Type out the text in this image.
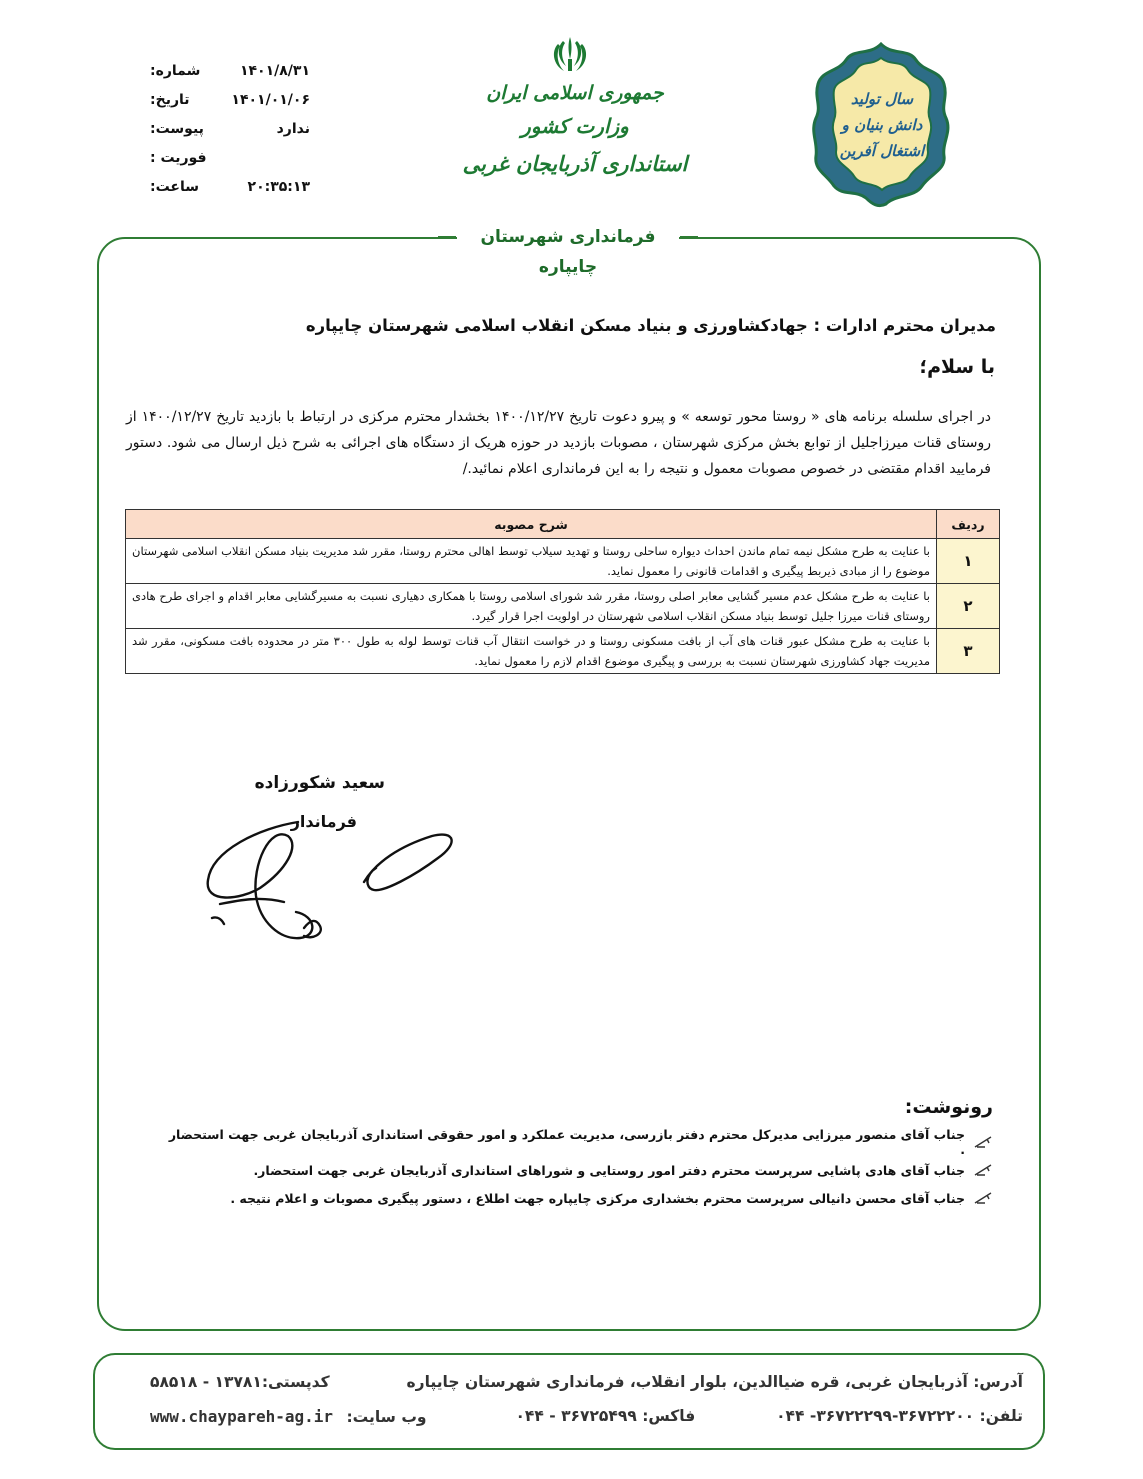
شماره:	۱۴۰۱/۸/۳۱
تاریخ:	۱۴۰۱/۰۱/۰۶
پیوست:	ندارد
فوریت :
ساعت:	۲۰:۳۵:۱۳
جمهوری اسلامی ایران
وزارت کشور
استانداری آذربایجان غربی
سال تولید
دانش بنیان و
اشتغال آفرین
فرمانداری شهرستان چایپاره
مدیران محترم ادارات : جهادکشاورزی و بنیاد مسکن انقلاب اسلامی شهرستان چایپاره
با سلام؛
در اجرای سلسله برنامه های « روستا محور توسعه » و پیرو دعوت تاریخ ۱۴۰۰/۱۲/۲۷ بخشدار محترم مرکزی در ارتباط با بازدید تاریخ ۱۴۰۰/۱۲/۲۷ از روستای قنات میرزاجلیل از توابع بخش مرکزی شهرستان ، مصوبات بازدید در حوزه هریک از دستگاه های اجرائی به شرح ذیل ارسال می شود. دستور فرمایید اقدام مقتضی در خصوص مصوبات معمول و نتیجه را به این فرمانداری اعلام نمائید./
ردیف	شرح مصوبه
۱	با عنایت به طرح مشکل نیمه تمام ماندن احداث دیواره ساحلی روستا و تهدید سیلاب توسط اهالی محترم روستا، مقرر شد مدیریت بنیاد مسکن انقلاب اسلامی شهرستان موضوع را از مبادی ذیربط پیگیری و اقدامات قانونی را معمول نماید.
۲	با عنایت به طرح مشکل عدم مسیر گشایی معابر اصلی روستا، مقرر شد شورای اسلامی روستا با همکاری دهیاری نسبت به مسیرگشایی معابر اقدام و اجرای طرح هادی روستای قنات میرزا جلیل توسط بنیاد مسکن انقلاب اسلامی شهرستان در اولویت اجرا قرار گیرد.
۳	با عنایت به طرح مشکل عبور قنات های آب از بافت مسکونی روستا و در خواست انتقال آب قنات توسط لوله به طول ۳۰۰ متر در محدوده بافت مسکونی، مقرر شد مدیریت جهاد کشاورزی شهرستان نسبت به بررسی و پیگیری موضوع اقدام لازم را معمول نماید.
سعید شکورزاده
فرماندار
رونوشت:
جناب آقای منصور میرزایی مدیرکل محترم دفتر بازرسی، مدیریت عملکرد و امور حقوقی استانداری آذربایجان غربی جهت استحضار .
جناب آقای هادی پاشایی سرپرست محترم دفتر امور روستایی و شوراهای استانداری آذربایجان غربی جهت استحضار.
جناب آقای محسن دانیالی سرپرست محترم بخشداری مرکزی چایپاره جهت اطلاع ، دستور پیگیری مصوبات و اعلام نتیجه .
آدرس: آذربایجان غربی، قره ضیاالدین، بلوار انقلاب، فرمانداری شهرستان چایپاره
کدپستی:۱۳۷۸۱ - ۵۸۵۱۸
تلفن: ۳۶۷۲۲۲۰۰-۳۶۷۲۲۲۹۹- ۰۴۴  فاکس: ۳۶۷۲۵۴۹۹ - ۰۴۴
www.chaypareh-ag.ir وب سایت:
